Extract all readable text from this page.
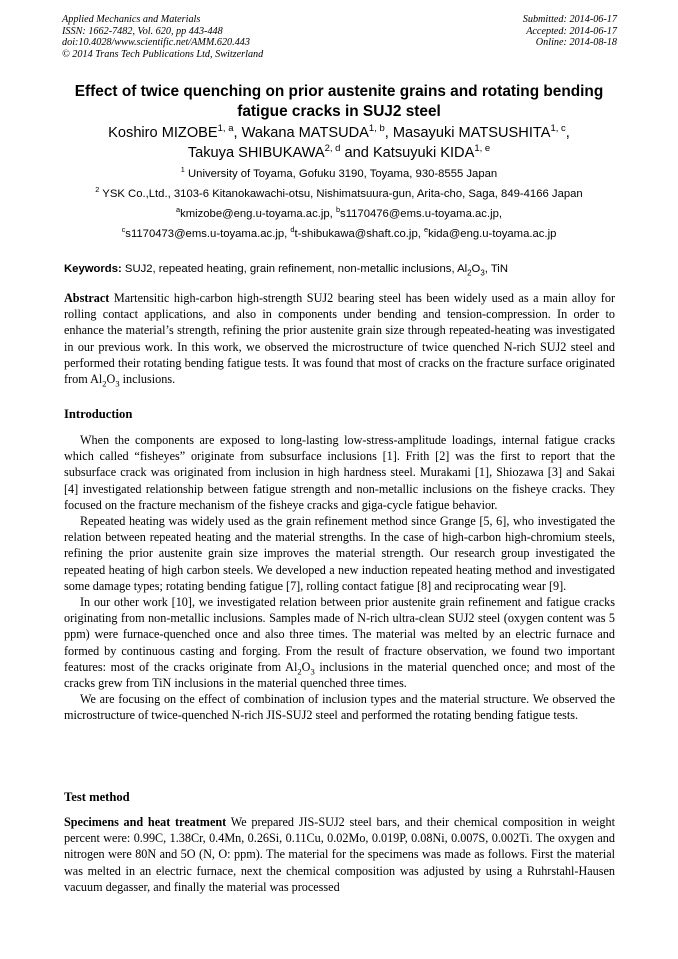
Applied Mechanics and Materials
ISSN: 1662-7482, Vol. 620, pp 443-448
doi:10.4028/www.scientific.net/AMM.620.443
© 2014 Trans Tech Publications Ltd, Switzerland
Submitted: 2014-06-17
Accepted: 2014-06-17
Online: 2014-08-18
Effect of twice quenching on prior austenite grains and rotating bending
fatigue cracks in SUJ2 steel
Koshiro MIZOBE$^{1, a}$, Wakana MATSUDA$^{1, b}$, Masayuki MATSUSHITA$^{1, c}$,
Takuya SHIBUKAWA$^{2, d}$ and Katsuyuki KIDA$^{1, e}$
$^1$ University of Toyama, Gofuku 3190, Toyama, 930-8555 Japan
$^2$ YSK Co.,Ltd., 3103-6 Kitanokawachi-otsu, Nishimatsuura-gun, Arita-cho, Saga, 849-4166 Japan
$^a$kmizobe@eng.u-toyama.ac.jp, $^b$s1170476@ems.u-toyama.ac.jp,
$^c$s1170473@ems.u-toyama.ac.jp, $^d$t-shibukawa@shaft.co.jp, $^e$kida@eng.u-toyama.ac.jp
Keywords: SUJ2, repeated heating, grain refinement, non-metallic inclusions, $Al_2O_3$, TiN
Abstract Martensitic high-carbon high-strength SUJ2 bearing steel has been widely used as a main alloy for rolling contact applications, and also in components under bending and tension-compression. In order to enhance the material’s strength, refining the prior austenite grain size through repeated-heating was investigated in our previous work. In this work, we observed the microstructure of twice quenched N-rich SUJ2 steel and performed their rotating bending fatigue tests. It was found that most of cracks on the fracture surface originated from $Al_2O_3$ inclusions.
Introduction

When the components are exposed to long-lasting low-stress-amplitude loadings, internal fatigue cracks which called “fisheyes” originate from subsurface inclusions [1]. Frith [2] was the first to report that the subsurface crack was originated from inclusion in high hardness steel. Murakami [1], Shiozawa [3] and Sakai [4] investigated relationship between fatigue strength and non-metallic inclusions on the fisheye cracks. They focused on the fracture mechanism of the fisheye cracks and giga-cycle fatigue behavior.

Repeated heating was widely used as the grain refinement method since Grange [5, 6], who investigated the relation between repeated heating and the material strengths. In the case of high-carbon high-chromium steels, refining the prior austenite grain size improves the material strength. Our research group investigated the repeated heating of high carbon steels. We developed a new induction repeated heating method and investigated some damage types; rotating bending fatigue [7], rolling contact fatigue [8] and reciprocating wear [9].

In our other work [10], we investigated relation between prior austenite grain refinement and fatigue cracks originating from non-metallic inclusions. Samples made of N-rich ultra-clean SUJ2 steel (oxygen content was 5 ppm) were furnace-quenched once and also three times. The material was melted by an electric furnace and formed by continuous casting and forging. From the result of fracture observation, we found two important features: most of the cracks originate from $Al_2O_3$ inclusions in the material quenched once; and most of the cracks grew from TiN inclusions in the material quenched three times.

We are focusing on the effect of combination of inclusion types and the material structure. We observed the microstructure of twice-quenched N-rich JIS-SUJ2 steel and performed the rotating bending fatigue tests.

Test method
Specimens and heat treatment We prepared JIS-SUJ2 steel bars, and their chemical composition in weight percent were: 0.99C, 1.38Cr, 0.4Mn, 0.26Si, 0.11Cu, 0.02Mo, 0.019P, 0.08Ni, 0.007S, 0.002Ti. The oxygen and nitrogen were 80N and 5O (N, O: ppm). The material for the specimens was made as follows. First the material was melted in an electric furnace, next the chemical composition was adjusted by using a Ruhrstahl-Hausen vacuum degasser, and finally the material was processed
